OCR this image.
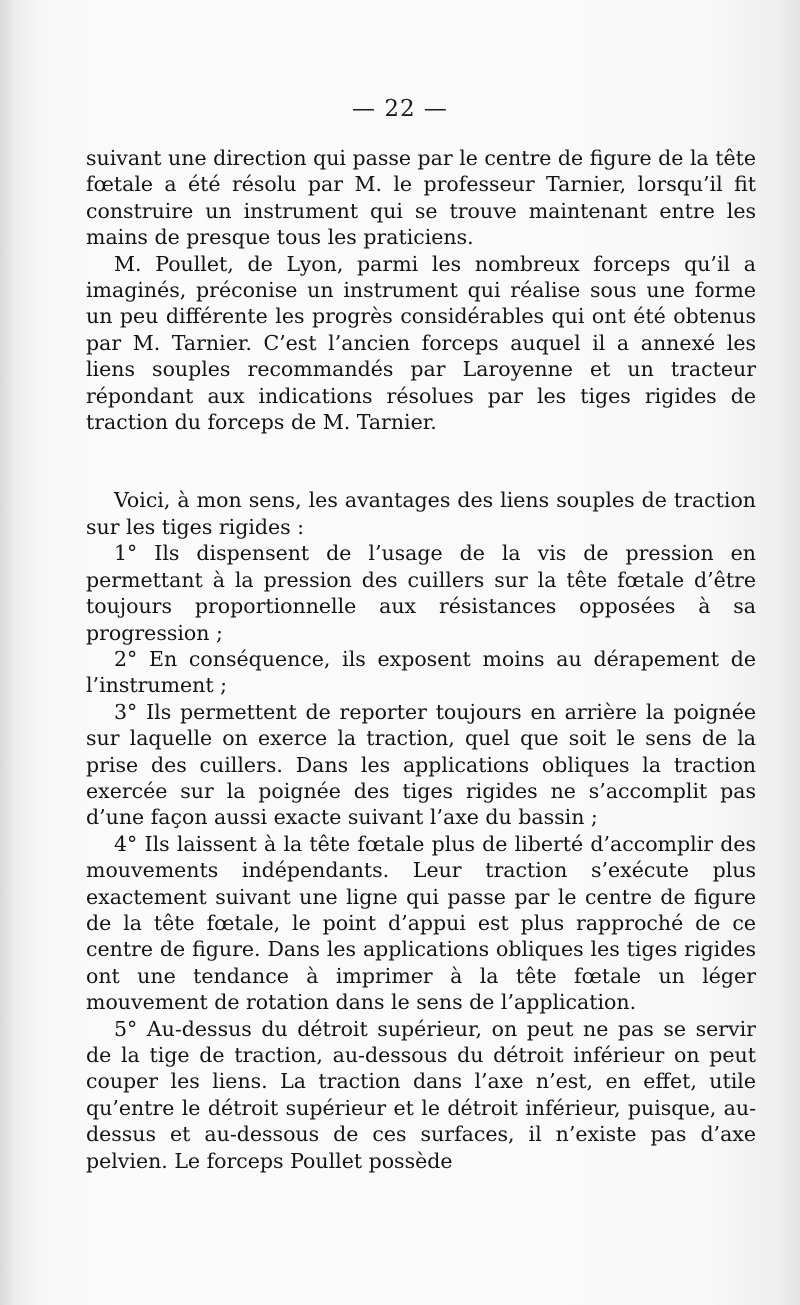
— 22 —

suivant une direction qui passe par le centre de figure de la tête fœtale a été résolu par M. le professeur Tarnier, lorsqu’il fit construire un instrument qui se trouve maintenant entre les mains de presque tous les praticiens.

M. Poullet, de Lyon, parmi les nombreux forceps qu’il a imaginés, préconise un instrument qui réalise sous une forme un peu différente les progrès considérables qui ont été obtenus par M. Tarnier. C’est l’ancien forceps auquel il a annexé les liens souples recommandés par Laroyenne et un tracteur répondant aux indications résolues par les tiges rigides de traction du forceps de M. Tarnier.

Voici, à mon sens, les avantages des liens souples de traction sur les tiges rigides :

1° Ils dispensent de l’usage de la vis de pression en permettant à la pression des cuillers sur la tête fœtale d’être toujours proportionnelle aux résistances opposées à sa progression ;

2° En conséquence, ils exposent moins au dérapement de l’instrument ;

3° Ils permettent de reporter toujours en arrière la poignée sur laquelle on exerce la traction, quel que soit le sens de la prise des cuillers. Dans les applications obliques la traction exercée sur la poignée des tiges rigides ne s’accomplit pas d’une façon aussi exacte suivant l’axe du bassin ;

4° Ils laissent à la tête fœtale plus de liberté d’accomplir des mouvements indépendants. Leur traction s’exécute plus exactement suivant une ligne qui passe par le centre de figure de la tête fœtale, le point d’appui est plus rapproché de ce centre de figure. Dans les applications obliques les tiges rigides ont une tendance à imprimer à la tête fœtale un léger mouvement de rotation dans le sens de l’application.

5° Au-dessus du détroit supérieur, on peut ne pas se servir de la tige de traction, au-dessous du détroit inférieur on peut couper les liens. La traction dans l’axe n’est, en effet, utile qu’entre le détroit supérieur et le détroit inférieur, puisque, au-dessus et au-dessous de ces surfaces, il n’existe pas d’axe pelvien. Le forceps Poullet possède
